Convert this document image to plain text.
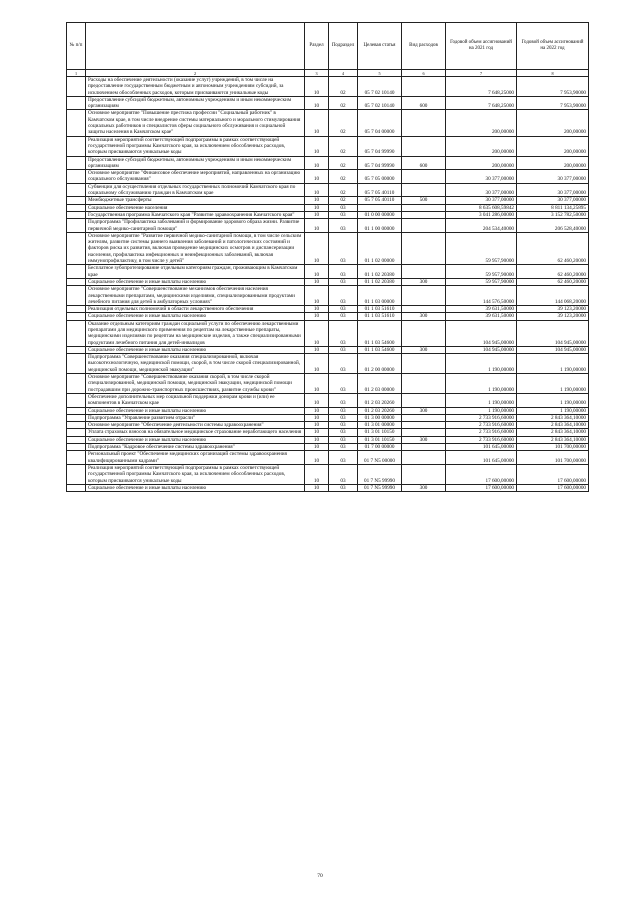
№ п/п		Раздел	Подраздел	Целевая статья	Вид расходов	Годовой объем ассигнований на 2021 год	Годовой объем ассигнований на 2022 год
1	2	3	4	5	6	7	8
	Расходы на обеспечение деятельности (оказание услуг) учреждений, в том числе на предоставление государственным бюджетным и автономным учреждениям субсидий, за исключением обособленных расходов, которым присваиваются уникальные коды	10	02	05 7 02 10140		7 648,25000	7 953,90000
	Предоставление субсидий бюджетным, автономным учреждениям и иным некоммерческим организациям	10	02	05 7 02 10140	600	7 648,25000	7 953,90000
	Основное мероприятие "Повышение престижа профессии "Социальный работник" в Камчатском крае, в том числе внедрение системы материального и морального стимулирования социальных работников и специалистов сферы социального обслуживания и социальной защиты населения в Камчатском крае"	10	02	05 7 04 00000		200,00000	200,00000
	Реализация мероприятий соответствующей подпрограммы в рамках соответствующей государственной программы Камчатского края, за исключением обособленных расходов, которым присваиваются уникальные коды	10	02	05 7 04 99990		200,00000	200,00000
	Предоставление субсидий бюджетным, автономным учреждениям и иным некоммерческим организациям	10	02	05 7 04 99990	600	200,00000	200,00000
	Основное мероприятие "Финансовое обеспечение мероприятий, направленных на организацию социального обслуживания"	10	02	05 7 05 00000		30 377,00000	30 377,00000
	Субвенции для осуществления отдельных государственных полномочий Камчатского края по социальному обслуживанию граждан в Камчатском крае	10	02	05 7 05 40110		30 377,00000	30 377,00000
	Межбюджетные трансферты	10	02	05 7 05 40110	500	30 377,00000	30 377,00000
	Социальное обеспечение населения	10	03			8 635 608,59842	8 811 134,25895
	Государственная программа Камчатского края "Развитие здравоохранения Камчатского края"	10	03	01 0 00 00000		3 041 286,00000	3 152 782,50000
	Подпрограмма "Профилактика заболеваний и формирование здорового образа жизни. Развитие первичной медико-санитарной помощи"	10	03	01 1 00 00000		204 534,40000	206 528,40000
	Основное мероприятие "Развитие первичной медико-санитарной помощи, в том числе сельским жителям, развитие системы раннего выявления заболеваний и патологических состояний и факторов риска их развития, включая проведение медицинских осмотров и диспансеризации населения, профилактика инфекционных и неинфекционных заболеваний, включая иммунопрофилактику, в том числе у детей"	10	03	01 1 02 00000		59 957,90000	62 460,20000
	Бесплатное зубопротезирование отдельным категориям граждан, проживающим в Камчатском крае	10	03	01 1 02 20380		59 957,90000	62 460,20000
	Социальное обеспечение и иные выплаты населению	10	03	01 1 02 20380	300	59 957,90000	62 460,20000
	Основное мероприятие "Совершенствование механизмов обеспечения населения лекарственными препаратами, медицинскими изделиями, специализированными продуктами лечебного питания для детей в амбулаторных условиях"	10	03	01 1 03 00000		144 576,50000	144 068,20000
	Реализация отдельных полномочий в области лекарственного обеспечения	10	03	01 1 03 51610		39 631,50000	39 123,20000
	Социальное обеспечение и иные выплаты населению	10	03	01 1 03 51610	300	39 631,50000	39 123,20000
	Оказание отдельным категориям граждан социальной услуги по обеспечению лекарственными препаратами для медицинского применения по рецептам на лекарственные препараты, медицинскими изделиями по рецептам на медицинские изделия, а также специализированными продуктами лечебного питания для детей-инвалидов	10	03	01 1 03 54600		104 945,00000	104 945,00000
	Социальное обеспечение и иные выплаты населению	10	03	01 1 03 54600	300	104 945,00000	104 945,00000
	Подпрограмма "Совершенствование оказания специализированной, включая высокотехнологичную, медицинской помощи, скорой, в том числе скорой специализированной, медицинской помощи, медицинской эвакуации"	10	03	01 2 00 00000		1 190,00000	1 190,00000
	Основное мероприятие "Совершенствование оказания скорой, в том числе скорой специализированной, медицинской помощи, медицинской эвакуации, медицинской помощи пострадавшим при дорожно-транспортных происшествиях, развитие службы крови"	10	03	01 2 03 00000		1 190,00000	1 190,00000
	Обеспечение дополнительных мер социальной поддержки донорам крови и (или) ее компонентов в Камчатском крае	10	03	01 2 03 20260		1 190,00000	1 190,00000
	Социальное обеспечение и иные выплаты населению	10	03	01 2 03 20260	300	1 190,00000	1 190,00000
	Подпрограмма "Управление развитием отрасли"	10	03	01 3 00 00000		2 733 916,60000	2 843 364,10000
	Основное мероприятие "Обеспечение деятельности системы здравоохранения"	10	03	01 3 01 00000		2 733 916,60000	2 843 364,10000
	Уплата страховых взносов на обязательное медицинское страхование неработающего населения	10	03	01 3 01 10150		2 733 916,60000	2 843 364,10000
	Социальное обеспечение и иные выплаты населению	10	03	01 3 01 10150	300	2 733 916,60000	2 843 364,10000
	Подпрограмма "Кадровое обеспечение системы здравоохранения"	10	03	01 7 00 00000		101 645,00000	101 700,00000
	Региональный проект "Обеспечение медицинских организаций системы здравоохранения квалифицированными кадрами"	10	03	01 7 N5 00000		101 645,00000	101 700,00000
	Реализация мероприятий соответствующей подпрограммы в рамках соответствующей государственной программы Камчатского края, за исключением обособленных расходов, которым присваиваются уникальные коды	10	03	01 7 N5 99990		17 600,00000	17 600,00000
	Социальное обеспечение и иные выплаты населению	10	03	01 7 N5 99990	300	17 600,00000	17 600,00000
70
